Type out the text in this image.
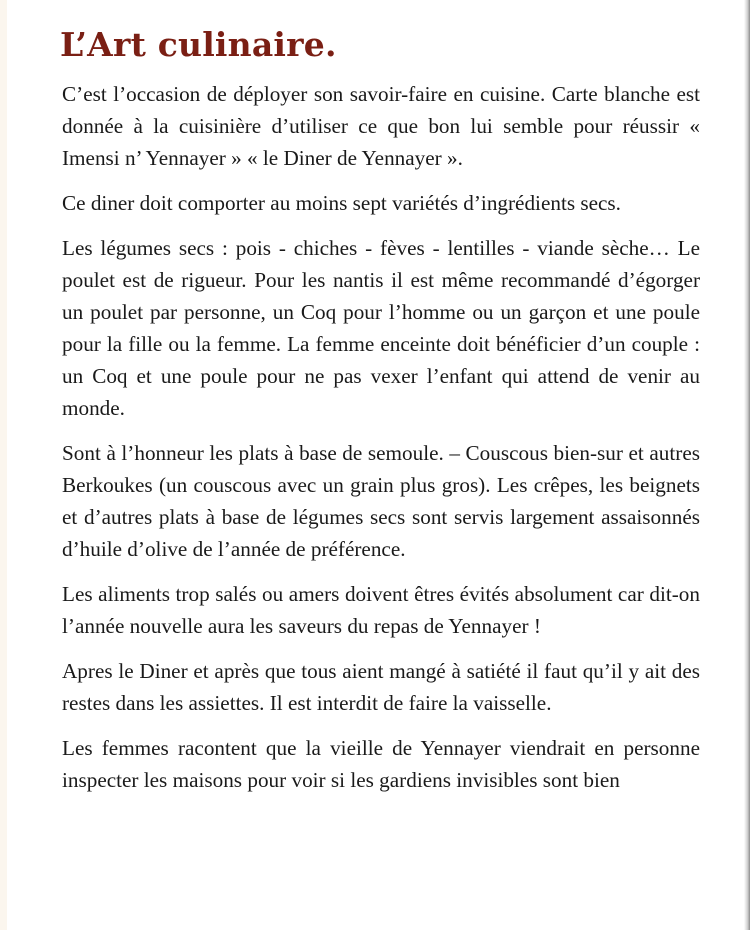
L’Art culinaire.

C’est l’occasion de déployer son savoir-faire en cuisine. Carte blanche est donnée à la cuisinière d’utiliser ce que bon lui semble pour réussir « Imensi n’ Yennayer » « le Diner de Yennayer ».

Ce diner doit comporter au moins sept variétés d’ingrédients secs.

Les légumes secs : pois - chiches - fèves - lentilles - viande sèche… Le poulet est de rigueur. Pour les nantis il est même recommandé d’égorger un poulet par personne, un Coq pour l’homme ou un garçon et une poule pour la fille ou la femme. La femme enceinte doit bénéficier d’un couple : un Coq et une poule pour ne pas vexer l’enfant qui attend de venir au monde.

Sont à l’honneur les plats à base de semoule. – Couscous bien-sur et autres Berkoukes (un couscous avec un grain plus gros). Les crêpes, les beignets et d’autres plats à base de légumes secs sont servis largement assaisonnés d’huile d’olive de l’année de préférence.

Les aliments trop salés ou amers doivent êtres évités absolument car dit-on l’année nouvelle aura les saveurs du repas de Yennayer !

Apres le Diner et après que tous aient mangé à satiété il faut qu’il y ait des restes dans les assiettes. Il est interdit de faire la vaisselle.

Les femmes racontent que la vieille de Yennayer viendrait en personne inspecter les maisons pour voir si les gardiens invisibles sont bien
